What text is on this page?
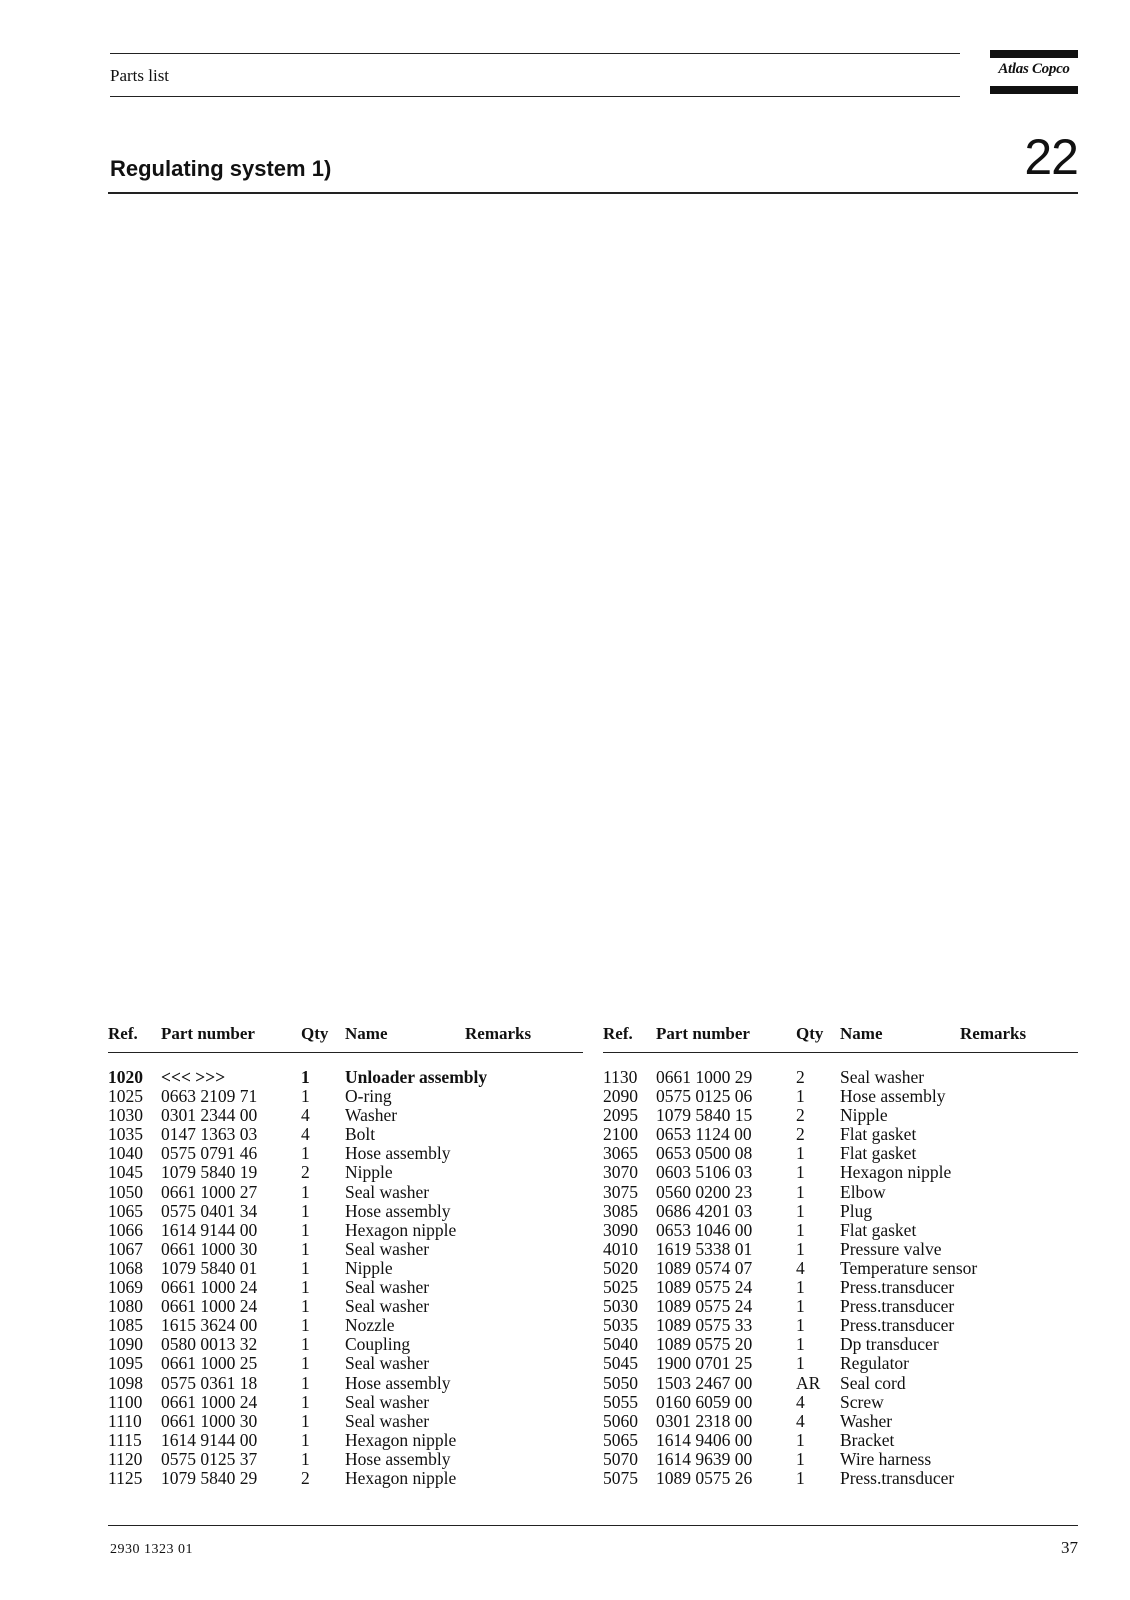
Parts list	Atlas Copco
Regulating system 1)	22
Ref. Part number	Qty Name	Remarks
1020 <<< >>>	1 Unloader assembly
1025 0663 2109 71	1 O-ring
1030 0301 2344 00	4 Washer
1035 0147 1363 03	4 Bolt
1040 0575 0791 46	1 Hose assembly
1045 1079 5840 19	2 Nipple
1050 0661 1000 27	1 Seal washer
1065 0575 0401 34	1 Hose assembly
1066 1614 9144 00	1 Hexagon nipple
1067 0661 1000 30	1 Seal washer
1068 1079 5840 01	1 Nipple
1069 0661 1000 24	1 Seal washer
1080 0661 1000 24	1 Seal washer
1085 1615 3624 00	1 Nozzle
1090 0580 0013 32	1 Coupling
1095 0661 1000 25	1 Seal washer
1098 0575 0361 18	1 Hose assembly
1100 0661 1000 24	1 Seal washer
1110 0661 1000 30	1 Seal washer
1115 1614 9144 00	1 Hexagon nipple
1120 0575 0125 37	1 Hose assembly
1125 1079 5840 29	2 Hexagon nipple
Ref. Part number	Qty Name	Remarks
1130 0661 1000 29	2 Seal washer
2090 0575 0125 06	1 Hose assembly
2095 1079 5840 15	2 Nipple
2100 0653 1124 00	2 Flat gasket
3065 0653 0500 08	1 Flat gasket
3070 0603 5106 03	1 Hexagon nipple
3075 0560 0200 23	1 Elbow
3085 0686 4201 03	1 Plug
3090 0653 1046 00	1 Flat gasket
4010 1619 5338 01	1 Pressure valve
5020 1089 0574 07	4 Temperature sensor
5025 1089 0575 24	1 Press.transducer
5030 1089 0575 24	1 Press.transducer
5035 1089 0575 33	1 Press.transducer
5040 1089 0575 20	1 Dp transducer
5045 1900 0701 25	1 Regulator
5050 1503 2467 00	AR Seal cord
5055 0160 6059 00	4 Screw
5060 0301 2318 00	4 Washer
5065 1614 9406 00	1 Bracket
5070 1614 9639 00	1 Wire harness
5075 1089 0575 26	1 Press.transducer
2930 1323 01	37
